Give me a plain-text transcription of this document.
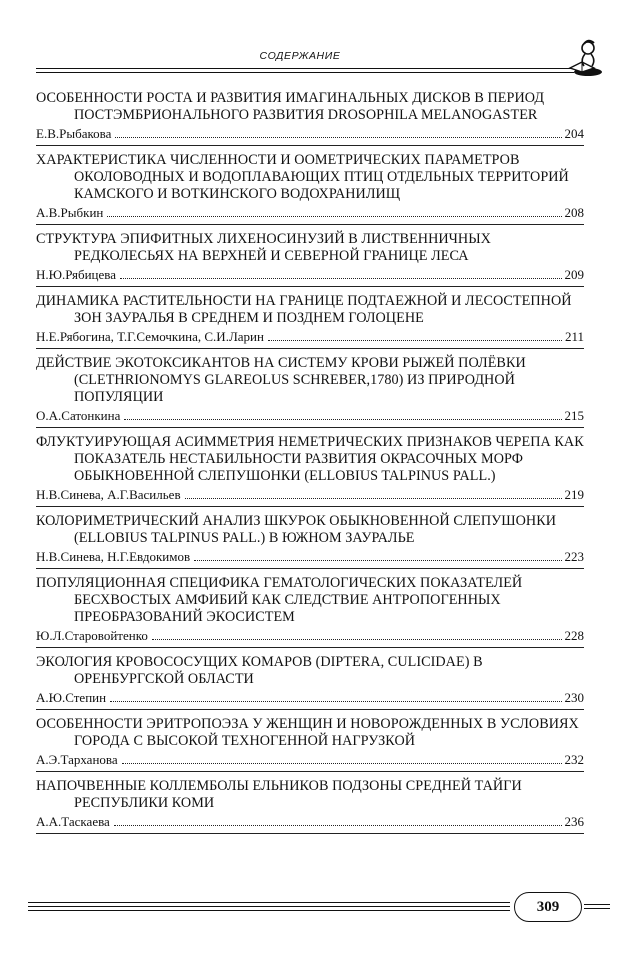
СОДЕРЖАНИЕ
ОСОБЕННОСТИ РОСТА И РАЗВИТИЯ ИМАГИНАЛЬНЫХ ДИСКОВ В ПЕРИОД ПОСТЭМБРИОНАЛЬНОГО РАЗВИТИЯ DROSOPHILA MELANOGASTER
Е.В.Рыбакова	204
ХАРАКТЕРИСТИКА ЧИСЛЕННОСТИ И ООМЕТРИЧЕСКИХ ПАРАМЕТРОВ ОКОЛОВОДНЫХ И ВОДОПЛАВАЮЩИХ ПТИЦ ОТДЕЛЬНЫХ ТЕРРИТОРИЙ КАМСКОГО И ВОТКИНСКОГО ВОДОХРАНИЛИЩ
А.В.Рыбкин	208
СТРУКТУРА ЭПИФИТНЫХ ЛИХЕНОСИНУЗИЙ В ЛИСТВЕННИЧНЫХ РЕДКОЛЕСЬЯХ НА ВЕРХНЕЙ И СЕВЕРНОЙ ГРАНИЦЕ ЛЕСА
Н.Ю.Рябицева	209
ДИНАМИКА РАСТИТЕЛЬНОСТИ НА ГРАНИЦЕ ПОДТАЕЖНОЙ И ЛЕСОСТЕПНОЙ ЗОН ЗАУРАЛЬЯ В СРЕДНЕМ И ПОЗДНЕМ ГОЛОЦЕНЕ
Н.Е.Рябогина, Т.Г.Семочкина, С.И.Ларин	211
ДЕЙСТВИЕ ЭКОТОКСИКАНТОВ НА СИСТЕМУ КРОВИ РЫЖЕЙ ПОЛЁВКИ (CLETHRIONOMYS GLAREOLUS SCHREBER,1780) ИЗ ПРИРОДНОЙ ПОПУЛЯЦИИ
О.А.Сатонкина	215
ФЛУКТУИРУЮЩАЯ АСИММЕТРИЯ НЕМЕТРИЧЕСКИХ ПРИЗНАКОВ ЧЕРЕПА КАК ПОКАЗАТЕЛЬ НЕСТАБИЛЬНОСТИ РАЗВИТИЯ ОКРАСОЧНЫХ МОРФ ОБЫКНОВЕННОЙ СЛЕПУШОНКИ (ELLOBIUS TALPINUS PALL.)
Н.В.Синева, А.Г.Васильев	219
КОЛОРИМЕТРИЧЕСКИЙ АНАЛИЗ ШКУРОК ОБЫКНОВЕННОЙ СЛЕПУШОНКИ (ELLOBIUS TALPINUS PALL.) В ЮЖНОМ ЗАУРАЛЬЕ
Н.В.Синева, Н.Г.Евдокимов	223
ПОПУЛЯЦИОННАЯ СПЕЦИФИКА ГЕМАТОЛОГИЧЕСКИХ ПОКАЗАТЕЛЕЙ БЕСХВОСТЫХ АМФИБИЙ КАК СЛЕДСТВИЕ АНТРОПОГЕННЫХ ПРЕОБРАЗОВАНИЙ ЭКОСИСТЕМ
Ю.Л.Старовойтенко	228
ЭКОЛОГИЯ КРОВОСОСУЩИХ КОМАРОВ (DIPTERA, CULICIDAE) В ОРЕНБУРГСКОЙ ОБЛАСТИ
А.Ю.Степин	230
ОСОБЕННОСТИ ЭРИТРОПОЭЗА У ЖЕНЩИН И НОВОРОЖДЕННЫХ В УСЛОВИЯХ ГОРОДА С ВЫСОКОЙ ТЕХНОГЕННОЙ НАГРУЗКОЙ
А.Э.Тарханова	232
НАПОЧВЕННЫЕ КОЛЛЕМБОЛЫ ЕЛЬНИКОВ ПОДЗОНЫ СРЕДНЕЙ ТАЙГИ РЕСПУБЛИКИ КОМИ
А.А.Таскаева	236
309
